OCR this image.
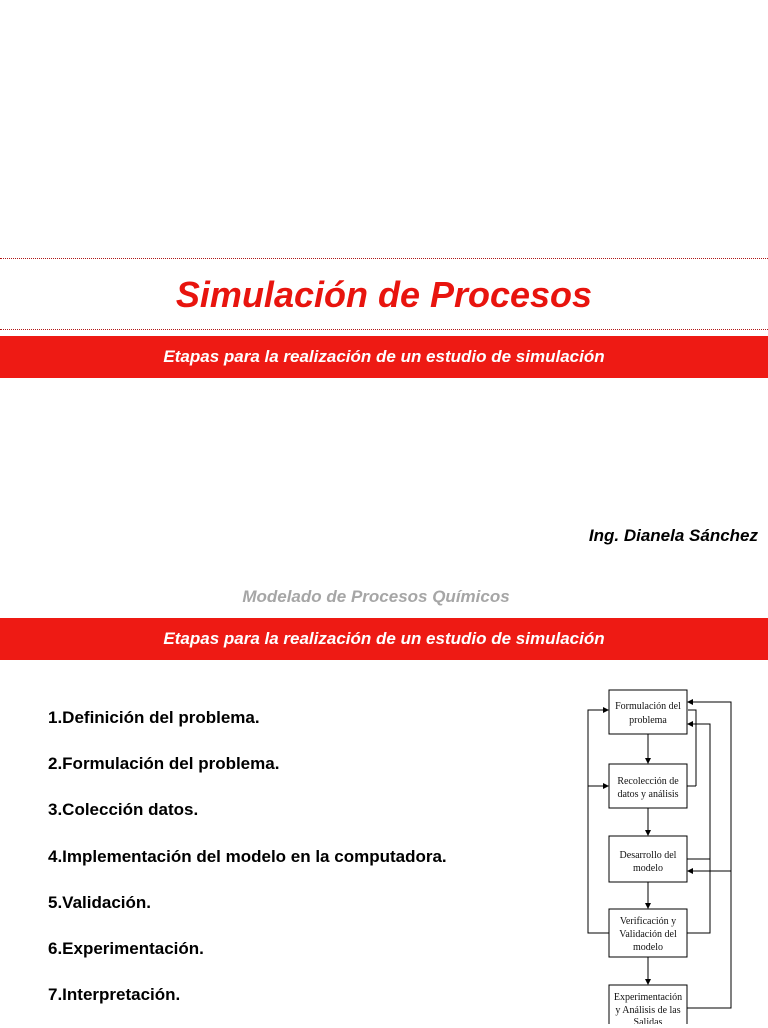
Simulación de Procesos
Etapas para la realización de un estudio de simulación
Ing. Dianela Sánchez
Modelado de Procesos Químicos
Etapas para la realización de un estudio de simulación
1.Definición del problema.
2.Formulación del problema.
3.Colección datos.
4.Implementación del modelo en la computadora.
5.Validación.
6.Experimentación.
7.Interpretación.
Formulación del
problema
Recolección de
datos y análisis
Desarrollo del
modelo
Verificación y
Validación del
modelo
Experimentación
y Análisis de las
Salidas
